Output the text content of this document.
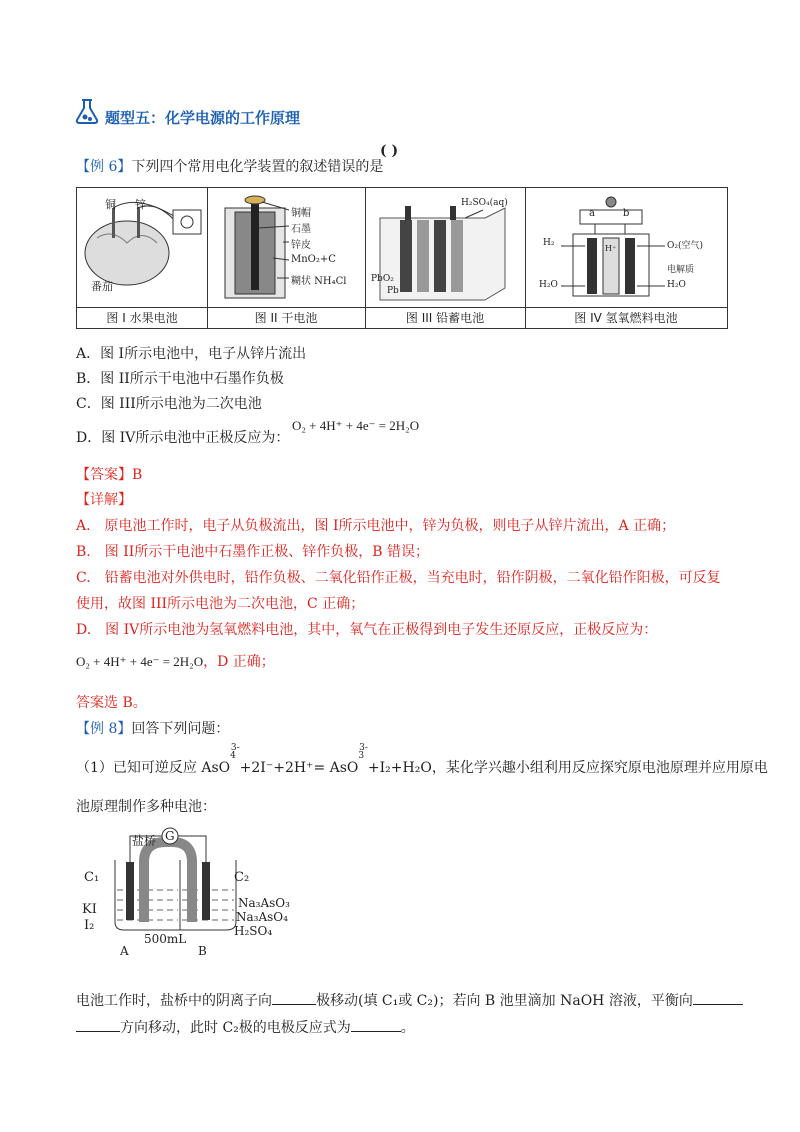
题型五：化学电源的工作原理
【例 6】下列四个常用电化学装置的叙述错误的是
( )
铜 锌
番茄
图 I 水果电池
铜帽
石墨
锌皮
MnO₂+C
糊状 NH₄Cl
图 II 干电池
H₂SO₄(aq)
PbO₂
Pb
图 III 铅蓄电池
a	b
H₂	O₂(空气)
H⁺
电解质
H₂O	H₂O
图 IV 氢氧燃料电池
A．图 I所示电池中，电子从锌片流出
B．图 II所示干电池中石墨作负极
C．图 III所示电池为二次电池
D．图 IV所示电池中正极反应为：
O₂ + 4H⁺ + 4e⁻ = 2H₂O
【答案】B
【详解】
A.　原电池工作时，电子从负极流出，图 I所示电池中，锌为负极，则电子从锌片流出，A 正确；
B.　图 II所示干电池中石墨作正极、锌作负极，B 错误；
C.　铅蓄电池对外供电时，铅作负极、二氧化铅作正极，当充电时，铅作阴极，二氧化铅作阳极，可反复
使用，故图 III所示电池为二次电池，C 正确；
D.　图 IV所示电池为氢氧燃料电池，其中，氧气在正极得到电子发生还原反应，正极反应为：
O₂ + 4H⁺ + 4e⁻ = 2H₂O，D 正确；
答案选 B。
【例 8】回答下列问题：
（1）已知可逆反应 AsO$^{43-}$+2I⁻+2H⁺= AsO$^{33-}$+I₂+H₂O，某化学兴趣小组利用反应探究原电池原理并应用原电
池原理制作多种电池：
G
盐桥
C₁	C₂
KI
I₂
Na₃AsO₃
Na₃AsO₄
H₂SO₄
500mL
A	B
电池工作时，盐桥中的阴离子向	极移动(填 C₁或 C₂)；若向 B 池里滴加 NaOH 溶液，平衡向
方向移动，此时 C₂极的电极反应式为	。
